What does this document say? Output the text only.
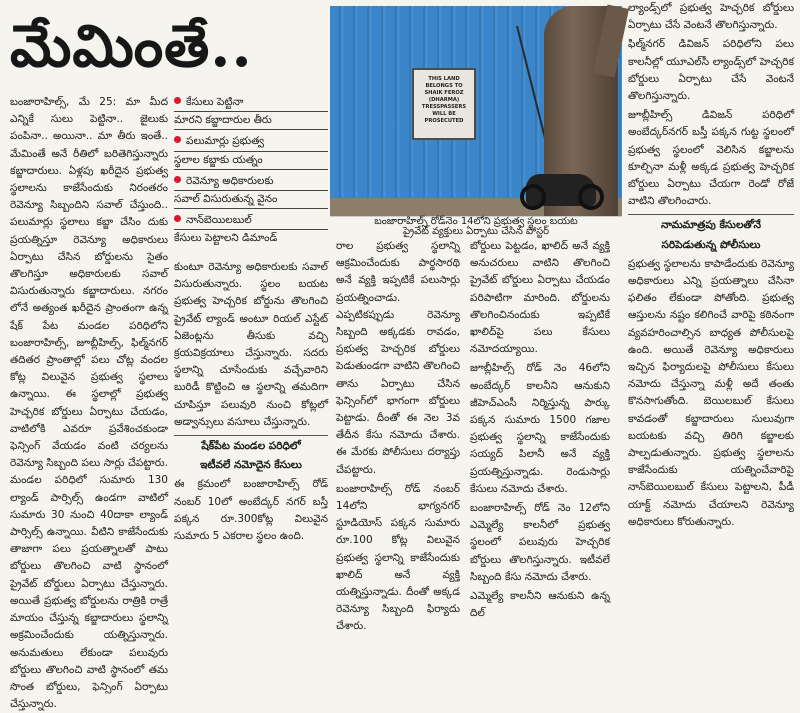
మేమింతే..

బంజారాహిల్స్, మే 25: మా మీద ఎన్నికే సులు పెట్టినా.. జైలుకు పంపినా.. అయినా.. మా తీరు ఇంతే.. మేమింతే అనే రీతిలో బరితెగిస్తున్నారు కబ్జాదారులు. ఏళ్లపు ఖరీదైన ప్రభుత్వ స్థలాలను కాజేసేందుకు నిరంతరం రెవెన్యూ సిబ్బందిని సవాల్ చేస్తుంది.. పలుమార్లు స్థలాలు కబ్జా చేసిం దుకు ప్రయత్నిస్తూ రెవెన్యూ అధికారులు ఏర్పాటు చేసిన బోర్డులను సైతం తొలగిస్తూ అధికారులకు సవాల్ విసురుతున్నారు కబ్జాదారులు. నగరం లోనే అత్యంత ఖరీదైన ప్రాంతంగా ఉన్న షేక్ పేట మండల పరిధిలోని బంజారాహిల్స్, జూబ్లీహిల్స్, ఫిల్మ్‌నగర్ తదితర ప్రాంతాల్లో పలు చోట్ల వందల కోట్ల విలువైన ప్రభుత్వ స్థలాలు ఉన్నాయి. ఈ స్థలాల్లో ప్రభుత్వ హెచ్చరిక బోర్డులు ఏర్పాటు చేయడం, వాటిలోకి ఎవరూ ప్రవేశించకుండా ఫెన్సింగ్ వేయడం వంటి చర్యలను రెవెన్యూ సిబ్బంది పలు సార్లు చేపట్టారు. మండల పరిధిలో సుమారు 130 ల్యాండ్ పార్సిల్స్ ఉండగా వాటిలో సుమారు 30 నుంచి 40దాకా ల్యాండ్ పార్సిల్స్ ఉన్నాయి. వీటిని కాజేసేందుకు తాజాగా పలు ప్రయత్నాలతో పాటు బోర్డులు తొలగించి వాటి స్థానంలో ప్రైవేట్ బోర్డులు ఏర్పాటు చేస్తున్నారు. అయితే ప్రభుత్వ బోర్డులను రాత్రికి రాత్రే మాయం చేస్తున్న కబ్జాదారులు స్థలాన్ని అక్రమించేందుకు యత్నిస్తున్నారు. అనుమతులు లేకుండా పలువురు బోర్డులు తొలగించి వాటి స్థానంలో తమ సొంత బోర్డులు, ఫెన్సింగ్ ఏర్పాటు చేస్తున్నారు.

కేసులు పెట్టినా
మారని కబ్జాదారుల తీరు
పలుమార్లు ప్రభుత్వ
స్థలాల కబ్జాకు యత్నం
రెవెన్యూ అధికారులకు
సవాల్ విసురుతున్న వైనం
నాన్‌బెయిలబుల్
కేసులు పెట్టాలని డిమాండ్

కుంటూ రెవెన్యూ అధికారులకు సవాల్ విసురుతున్నారు. స్థలం బయట ప్రభుత్వ హెచ్చరిక బోర్డును తొలగించి ప్రైవేట్ ల్యాండ్ అంటూ రియల్ ఎస్టేట్ ఏజెంట్లను తీసుకు వచ్చి క్రయవిక్రయాలు చేస్తున్నారు. సదరు స్థలాన్ని చూసేందుకు వచ్చేవారిని బురిడీ కొట్టించి ఆ స్థలాన్ని తమదిగా చూపిస్తూ పలువురి నుంచి కోట్లలో అడ్వాన్సులు వసూలు చేస్తున్నారు.

షేక్‌పేట మండల పరిధిలో
ఇటీవలే నమోదైన కేసులు

ఈ క్రమంలో బంజారాహిల్స్ రోడ్ నంబర్ 10లో అంబేద్కర్ నగర్ బస్తీ పక్కన రూ.300కోట్ల విలువైన సుమారు 5 ఎకరాల స్థలం ఉంది.

THIS LAND BELONGS TO
SHAIK FEROZ (DHARMA)
TRESSPASSERS WILL BE
PROSECUTED
బంజారాహిల్స్ రోడ్‌నెం 14లోని ప్రభుత్వ స్థలం బయట
ప్రైవేట్ వ్యక్తులు ఏర్పాటు చేసిన పోస్టర్

రాల ప్రభుత్వ స్థలాన్ని ఆక్రమించేందుకు పార్థసారథి అనే వ్యక్తి ఇప్పటికే పలుసార్లు ప్రయత్నించాడు. ఎప్పటికప్పుడు రెవెన్యూ సిబ్బంది అక్కడకు రావడం, ప్రభుత్వ హెచ్చరిక బోర్డులు పెడుతుండగా వాటిని తొలగించి తాను ఏర్పాటు చేసిన ఫెన్సింగ్‌లో భాగంగా బోర్డులు పెట్టాడు. దీంతో ఈ నెల 3వ తేదీన కేసు నమోదు చేశారు. ఈ మేరకు పోలీసులు దర్యాప్తు చేపట్టారు.

బంజారాహిల్స్ రోడ్ నంబర్ 14లోని భాగ్యనగర్ స్టూడియోస్ పక్కన సుమారు రూ.100 కోట్ల విలువైన ప్రభుత్వ స్థలాన్ని కాజేసేందుకు ఖాలిద్ అనే వ్యక్తి యత్నిస్తున్నాడు. దీంతో అక్కడ రెవెన్యూ సిబ్బంది ఫిర్యాదు చేశారు.

బోర్డులు పెట్టడం, ఖాలిద్ అనే వ్యక్తి అనుచరులు వాటిని తొలగించి ప్రైవేట్ బోర్డులు ఏర్పాటు చేయడం పరిపాటిగా మారింది. బోర్డులను తొలగించినందుకు ఇప్పటికే ఖాలిద్‌పై పలు కేసులు నమోదయ్యాయి.

జూబ్లీహిల్స్ రోడ్ నెం 46లోని అంబేద్కర్ కాలనీని ఆనుకుని జీహెచ్‌ఎంసీ నిర్మిస్తున్న పార్కు పక్కన సుమారు 1500 గజాల ప్రభుత్వ స్థలాన్ని కాజేసేందుకు సయ్యద్ పిలానీ అనే వ్యక్తి ప్రయత్నిస్తున్నాడు. రెండుసార్లు కేసులు నమోదు చేశారు.

బంజారాహిల్స్ రోడ్ నెం 12లోని ఎమ్మెల్యే కాలనీలో ప్రభుత్వ స్థలంలో పలువురు హెచ్చరిక బోర్డులు తొలగిస్తున్నారు. ఇటీవలే సిబ్బంది కేసు నమోదు చేశారు.

ఎమ్మెల్యే కాలనీని ఆనుకుని ఉన్న దిల్

ల్యాండ్స్‌లో ప్రభుత్వ హెచ్చరిక బోర్డులు ఏర్పాటు చేసే వెంటనే తొలగిస్తున్నారు.

ఫిల్మ్‌నగర్ డివిజన్ పరిధిలోని పలు కాలనీల్లో యూఎల్‌సీ ల్యాండ్స్‌లో హెచ్చరిక బోర్డులు ఏర్పాటు చేసే వెంటనే తొలగిస్తున్నారు.

జూబ్లీహిల్స్ డివిజన్ పరిధిలో అంబేద్కర్‌నగర్ బస్తీ పక్కన గుట్ట స్థలంలో ప్రభుత్వ స్థలంలో వెలిసిన కబ్జాలను కూల్చినా మళ్లీ అక్కడ ప్రభుత్వ హెచ్చరిక బోర్డులు ఏర్పాటు చేయగా రెండో రోజే వాటిని తొలగించారు.

నామమాత్రపు కేసులతోనే
సరిపెడుతున్న పోలీసులు

ప్రభుత్వ స్థలాలను కాపాడేందుకు రెవెన్యూ అధికారులు ఎన్ని ప్రయత్నాలు చేసినా ఫలితం లేకుండా పోతోంది. ప్రభుత్వ ఆస్తులను నష్టం కలిగించే వారిపై కఠినంగా వ్యవహరించాల్సిన బాధ్యత పోలీసులపై ఉంది. అయితే రెవెన్యూ అధికారులు ఇచ్చిన ఫిర్యాదులపై పోలీసులు కేసులు నమోదు చేస్తున్నా మళ్లీ అదే తంతు కొనసాగుతోంది. బెయిలబుల్ కేసులు కావడంతో కబ్జాదారులు సులువుగా బయటకు వచ్చి తిరిగి కబ్జాలకు పాల్పడుతున్నారు. ప్రభుత్వ స్థలాలను కాజేసేందుకు యత్నించేవారిపై నాన్‌బెయిలబుల్ కేసులు పెట్టాలని, పీడీ యాక్ట్ నమోదు చేయాలని రెవెన్యూ అధికారులు కోరుతున్నారు.
